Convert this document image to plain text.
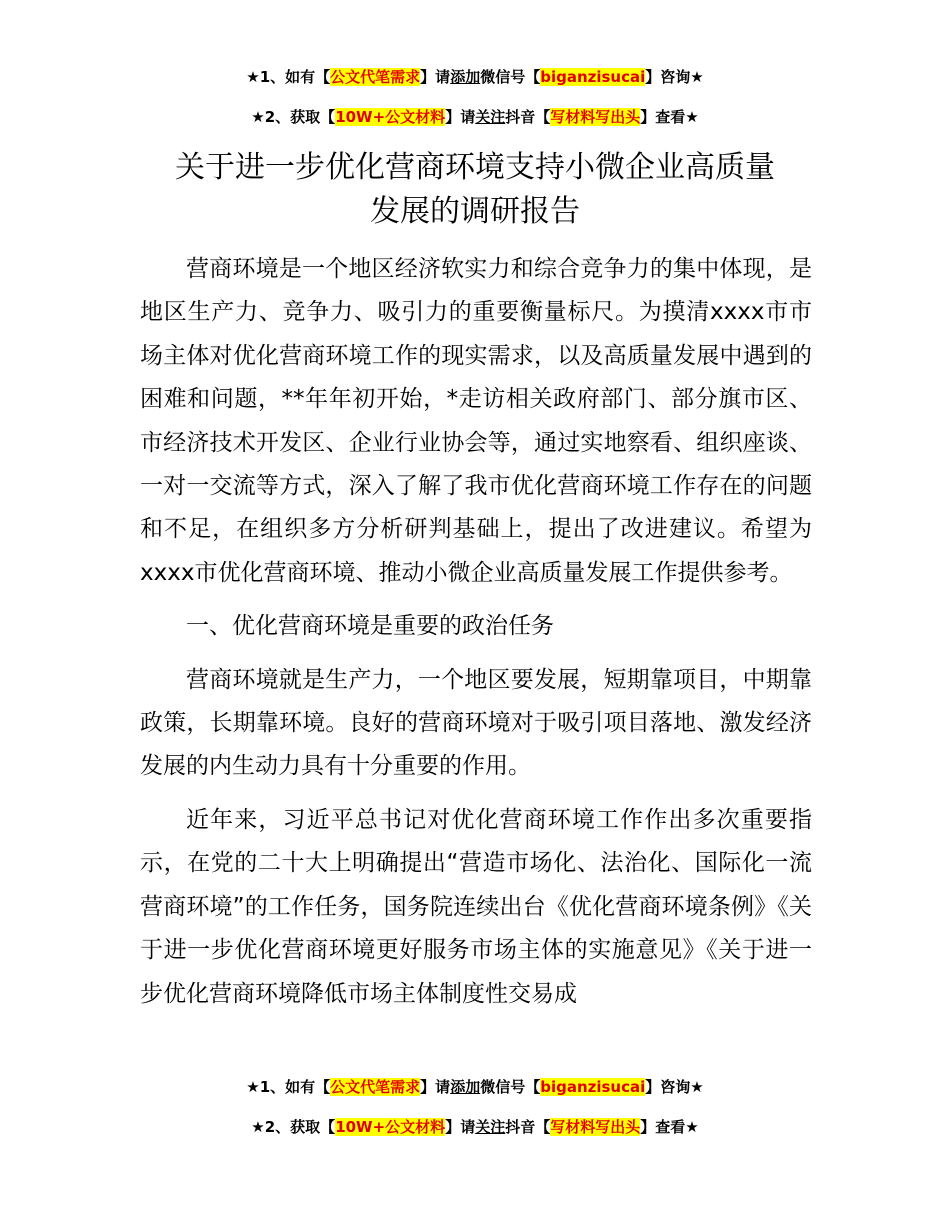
★1、如有【公文代笔需求】请添加微信号【biganzisucai】咨询★
★2、获取【10W+公文材料】请关注抖音【写材料写出头】查看★
关于进一步优化营商环境支持小微企业高质量
发展的调研报告

营商环境是一个地区经济软实力和综合竞争力的集中体现，是地区生产力、竞争力、吸引力的重要衡量标尺。为摸清xxxx市市场主体对优化营商环境工作的现实需求，以及高质量发展中遇到的困难和问题，**年年初开始，*走访相关政府部门、部分旗市区、市经济技术开发区、企业行业协会等，通过实地察看、组织座谈、一对一交流等方式，深入了解了我市优化营商环境工作存在的问题和不足，在组织多方分析研判基础上，提出了改进建议。希望为xxxx市优化营商环境、推动小微企业高质量发展工作提供参考。

一、优化营商环境是重要的政治任务

营商环境就是生产力，一个地区要发展，短期靠项目，中期靠政策，长期靠环境。良好的营商环境对于吸引项目落地、激发经济发展的内生动力具有十分重要的作用。

近年来，习近平总书记对优化营商环境工作作出多次重要指示，在党的二十大上明确提出“营造市场化、法治化、国际化一流营商环境”的工作任务，国务院连续出台《优化营商环境条例》《关于进一步优化营商环境更好服务市场主体的实施意见》《关于进一步优化营商环境降低市场主体制度性交易成

★1、如有【公文代笔需求】请添加微信号【biganzisucai】咨询★
★2、获取【10W+公文材料】请关注抖音【写材料写出头】查看★
